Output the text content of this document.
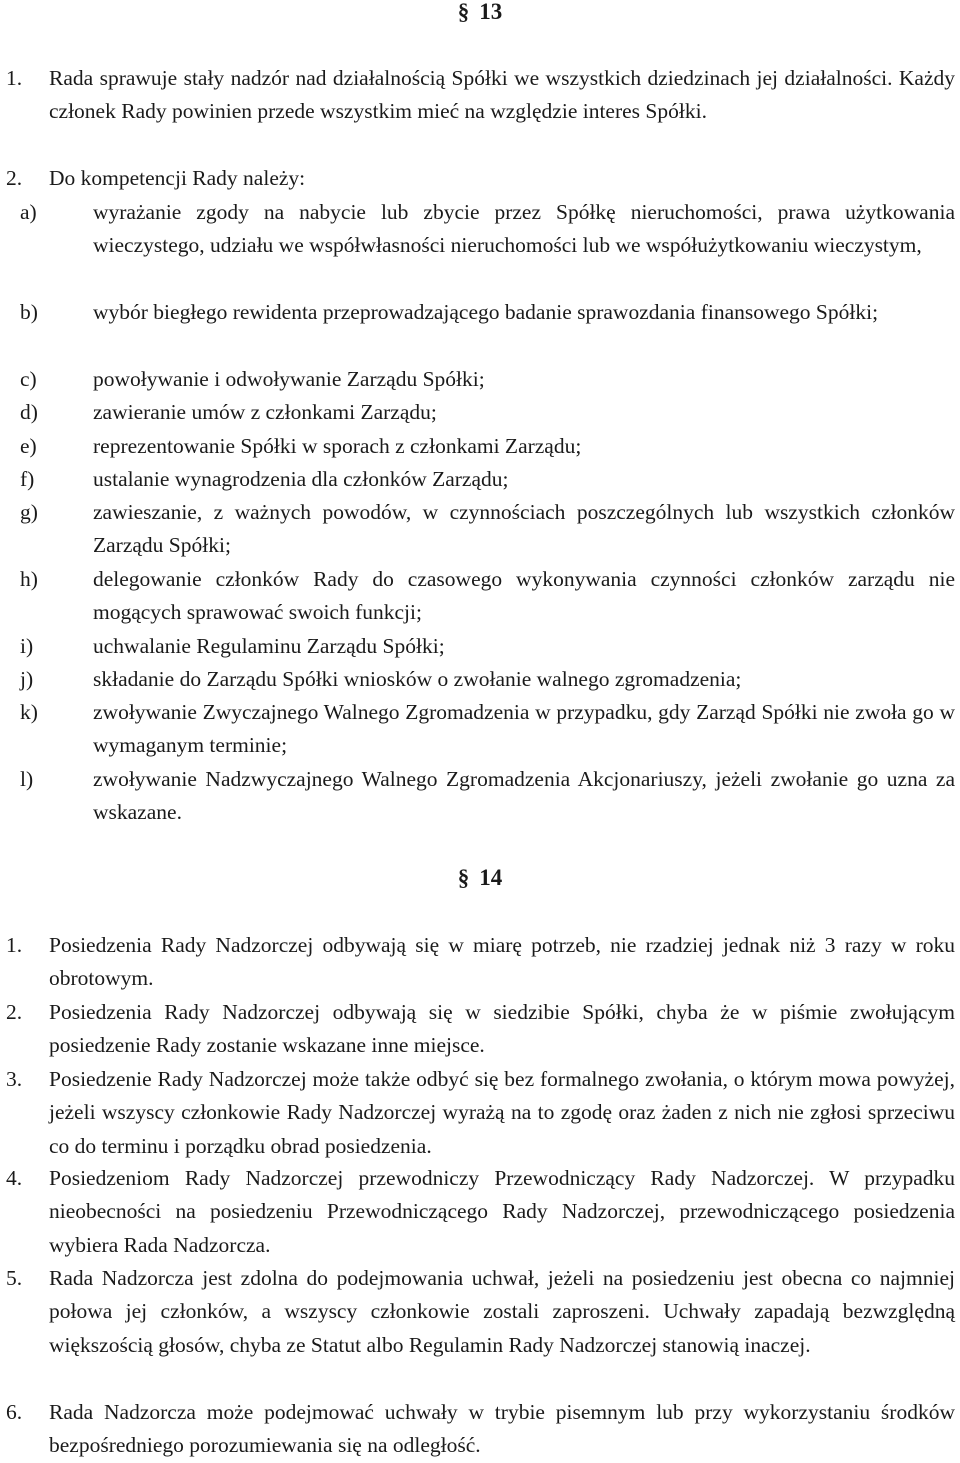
§ 13
1. Rada sprawuje stały nadzór nad działalnością Spółki we wszystkich dziedzinach jej działalności. Każdy członek Rady powinien przede wszystkim mieć na względzie interes Spółki.
2. Do kompetencji Rady należy:
a)	wyrażanie zgody na nabycie lub zbycie przez Spółkę nieruchomości, prawa użytkowania wieczystego, udziału we współwłasności nieruchomości lub we współużytkowaniu wieczystym,
b)	wybór biegłego rewidenta przeprowadzającego badanie sprawozdania finansowego Spółki;
c)	powoływanie i odwoływanie Zarządu Spółki;
d)	zawieranie umów z członkami Zarządu;
e)	reprezentowanie Spółki w sporach z członkami Zarządu;
f)	ustalanie wynagrodzenia dla członków Zarządu;
g)	zawieszanie, z ważnych powodów, w czynnościach poszczególnych lub wszystkich członków Zarządu Spółki;
h)	delegowanie członków Rady do czasowego wykonywania czynności członków zarządu nie mogących sprawować swoich funkcji;
i)	uchwalanie Regulaminu Zarządu Spółki;
j)	składanie do Zarządu Spółki wniosków o zwołanie walnego zgromadzenia;
k)	zwoływanie Zwyczajnego Walnego Zgromadzenia w przypadku, gdy Zarząd Spółki nie zwoła go w wymaganym terminie;
l)	zwoływanie Nadzwyczajnego Walnego Zgromadzenia Akcjonariuszy, jeżeli zwołanie go uzna za wskazane.
§ 14
1. Posiedzenia Rady Nadzorczej odbywają się w miarę potrzeb, nie rzadziej jednak niż 3 razy w roku obrotowym.
2. Posiedzenia Rady Nadzorczej odbywają się w siedzibie Spółki, chyba że w piśmie zwołującym posiedzenie Rady zostanie wskazane inne miejsce.
3. Posiedzenie Rady Nadzorczej może także odbyć się bez formalnego zwołania, o którym mowa powyżej, jeżeli wszyscy członkowie Rady Nadzorczej wyrażą na to zgodę oraz żaden z nich nie zgłosi sprzeciwu co do terminu i porządku obrad posiedzenia.
4. Posiedzeniom Rady Nadzorczej przewodniczy Przewodniczący Rady Nadzorczej. W przypadku nieobecności na posiedzeniu Przewodniczącego Rady Nadzorczej, przewodniczącego posiedzenia wybiera Rada Nadzorcza.
5. Rada Nadzorcza jest zdolna do podejmowania uchwał, jeżeli na posiedzeniu jest obecna co najmniej połowa jej członków, a wszyscy członkowie zostali zaproszeni. Uchwały zapadają bezwzględną większością głosów, chyba ze Statut albo Regulamin Rady Nadzorczej stanowią inaczej.
6. Rada Nadzorcza może podejmować uchwały w trybie pisemnym lub przy wykorzystaniu środków bezpośredniego porozumiewania się na odległość.
